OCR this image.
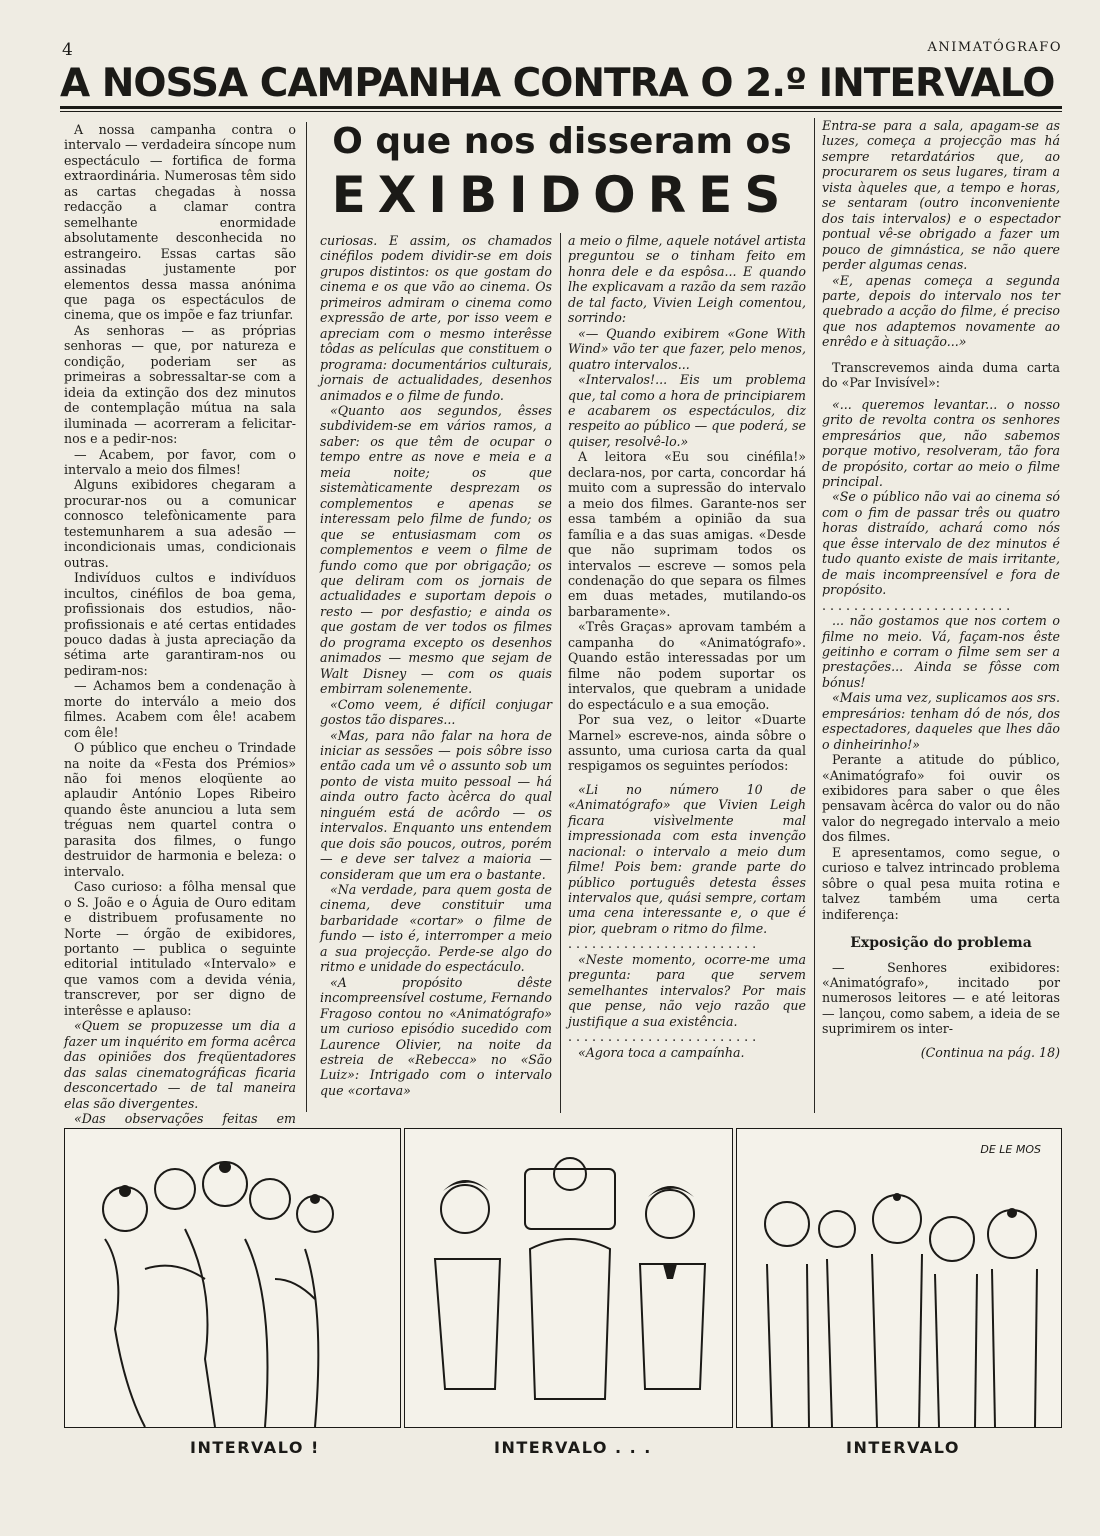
4	ANIMATÓGRAFO
A NOSSA CAMPANHA CONTRA O 2.º INTERVALO
O que nos disseram os
EXIBIDORES

A nossa campanha contra o intervalo — verdadeira síncope num espectáculo — fortifica de forma extraordinária. Numerosas têm sido as cartas chegadas à nossa redacção a clamar contra semelhante enormidade absolutamente desconhecida no estrangeiro. Essas cartas são assinadas justamente por elementos dessa massa anónima que paga os espectáculos de cinema, que os impõe e faz triunfar.

As senhoras — as próprias senhoras — que, por natureza e condição, poderiam ser as primeiras a sobressaltar-se com a ideia da extinção dos dez minutos de contemplação mútua na sala iluminada — acorreram a felicitar-nos e a pedir-nos:

— Acabem, por favor, com o intervalo a meio dos filmes!

Alguns exibidores chegaram a procurar-nos ou a comunicar connosco telefònicamente para testemunharem a sua adesão — incondicionais umas, condicionais outras.

Indivíduos cultos e indivíduos incultos, cinéfilos de boa gema, profissionais dos estudios, não-profissionais e até certas entidades pouco dadas à justa apreciação da sétima arte garantiram-nos ou pediram-nos:

— Achamos bem a condenação à morte do interválo a meio dos filmes. Acabem com êle! acabem com êle!

O público que encheu o Trindade na noite da «Festa dos Prémios» não foi menos eloqüente ao aplaudir António Lopes Ribeiro quando êste anunciou a luta sem tréguas nem quartel contra o parasita dos filmes, o fungo destruidor de harmonia e beleza: o intervalo.

Caso curioso: a fôlha mensal que o S. João e o Águia de Ouro editam e distribuem profusamente no Norte — órgão de exibidores, portanto — publica o seguinte editorial intitulado «Intervalo» e que vamos com a devida vénia, transcrever, por ser digno de interêsse e aplauso:

«Quem se propuzesse um dia a fazer um inquérito em forma acêrca das opiniões dos freqüentadores das salas cinematográficas ficaria desconcertado — de tal maneira elas são divergentes.

«Das observações feitas em

curiosas. E assim, os chamados cinéfilos podem dividir-se em dois grupos distintos: os que gostam do cinema e os que vão ao cinema. Os primeiros admiram o cinema como expressão de arte, por isso veem e apreciam com o mesmo interêsse tôdas as películas que constituem o programa: documentários culturais, jornais de actualidades, desenhos animados e o filme de fundo.

«Quanto aos segundos, êsses subdividem-se em vários ramos, a saber: os que têm de ocupar o tempo entre as nove e meia e a meia noite; os que sistemàticamente desprezam os complementos e apenas se interessam pelo filme de fundo; os que se entusiasmam com os complementos e veem o filme de fundo como que por obrigação; os que deliram com os jornais de actualidades e suportam depois o resto — por desfastio; e ainda os que gostam de ver todos os filmes do programa excepto os desenhos animados — mesmo que sejam de Walt Disney — com os quais embirram solenemente.

«Como veem, é difícil conjugar gostos tão dispares...

«Mas, para não falar na hora de iniciar as sessões — pois sôbre isso então cada um vê o assunto sob um ponto de vista muito pessoal — há ainda outro facto àcêrca do qual ninguém está de acôrdo — os intervalos. Enquanto uns entendem que dois são poucos, outros, porém — e deve ser talvez a maioria — consideram que um era o bastante.

«Na verdade, para quem gosta de cinema, deve constituir uma barbaridade «cortar» o filme de fundo — isto é, interromper a meio a sua projecção. Perde-se algo do ritmo e unidade do espectáculo.

«A propósito dêste incompreensível costume, Fernando Fragoso contou no «Animatógrafo» um curioso episódio sucedido com Laurence Olivier, na noite da estreia de «Rebecca» no «São Luiz»: Intrigado com o intervalo que «cortava»

a meio o filme, aquele notável artista preguntou se o tinham feito em honra dele e da espôsa... E quando lhe explicavam a razão da sem razão de tal facto, Vivien Leigh comentou, sorrindo:

«— Quando exibirem «Gone With Wind» vão ter que fazer, pelo menos, quatro intervalos...

«Intervalos!... Eis um problema que, tal como a hora de principiarem e acabarem os espectáculos, diz respeito ao público — que poderá, se quiser, resolvê-lo.»

A leitora «Eu sou cinéfila!» declara-nos, por carta, concordar há muito com a supressão do intervalo a meio dos filmes. Garante-nos ser essa também a opinião da sua família e a das suas amigas. «Desde que não suprimam todos os intervalos — escreve — somos pela condenação do que separa os filmes em duas metades, mutilando-os barbaramente».

«Três Graças» aprovam também a campanha do «Animatógrafo». Quando estão interessadas por um filme não podem suportar os intervalos, que quebram a unidade do espectáculo e a sua emoção.

Por sua vez, o leitor «Duarte Marnel» escreve-nos, ainda sôbre o assunto, uma curiosa carta da qual respigamos os seguintes períodos:

«Li no número 10 de «Animatógrafo» que Vivien Leigh ficara visìvelmente mal impressionada com esta invenção nacional: o intervalo a meio dum filme! Pois bem: grande parte do público português detesta êsses intervalos que, quási sempre, cortam uma cena interessante e, o que é pior, quebram o ritmo do filme.

. . . . . . . . . . . . . . . . . . . . . . . .

«Neste momento, ocorre-me uma pregunta: para que servem semelhantes intervalos? Por mais que pense, não vejo razão que justifique a sua existência.

. . . . . . . . . . . . . . . . . . . . . . . .

«Agora toca a campaínha.

Entra-se para a sala, apagam-se as luzes, começa a projecção mas há sempre retardatários que, ao procurarem os seus lugares, tiram a vista àqueles que, a tempo e horas, se sentaram (outro inconveniente dos tais intervalos) e o espectador pontual vê-se obrigado a fazer um pouco de gimnástica, se não quere perder algumas cenas.

«E, apenas começa a segunda parte, depois do intervalo nos ter quebrado a acção do filme, é preciso que nos adaptemos novamente ao enrêdo e à situação...»

Transcrevemos ainda duma carta do «Par Invisível»:

«... queremos levantar... o nosso grito de revolta contra os senhores empresários que, não sabemos porque motivo, resolveram, tão fora de propósito, cortar ao meio o filme principal.

«Se o público não vai ao cinema só com o fim de passar três ou quatro horas distraído, achará como nós que êsse intervalo de dez minutos é tudo quanto existe de mais irritante, de mais incompreensível e fora de propósito.

. . . . . . . . . . . . . . . . . . . . . . . .

... não gostamos que nos cortem o filme no meio. Vá, façam-nos êste geitinho e corram o filme sem ser a prestações... Ainda se fôsse com bónus!

«Mais uma vez, suplicamos aos srs. empresários: tenham dó de nós, dos espectadores, daqueles que lhes dão o dinheirinho!»

Perante a atitude do público, «Animatógrafo» foi ouvir os exibidores para saber o que êles pensavam àcêrca do valor ou do não valor do negregado intervalo a meio dos filmes.

E apresentamos, como segue, o curioso e talvez intrincado problema sôbre o qual pesa muita rotina e talvez também uma certa indiferença:

Exposição do problema

— Senhores exibidores: «Animatógrafo», incitado por numerosos leitores — e até leitoras — lançou, como sabem, a ideia de se suprimirem os inter-

(Continua na pág. 18)

DE LE MOS
INTERVALO !	INTERVALO . . .	INTERVALO
